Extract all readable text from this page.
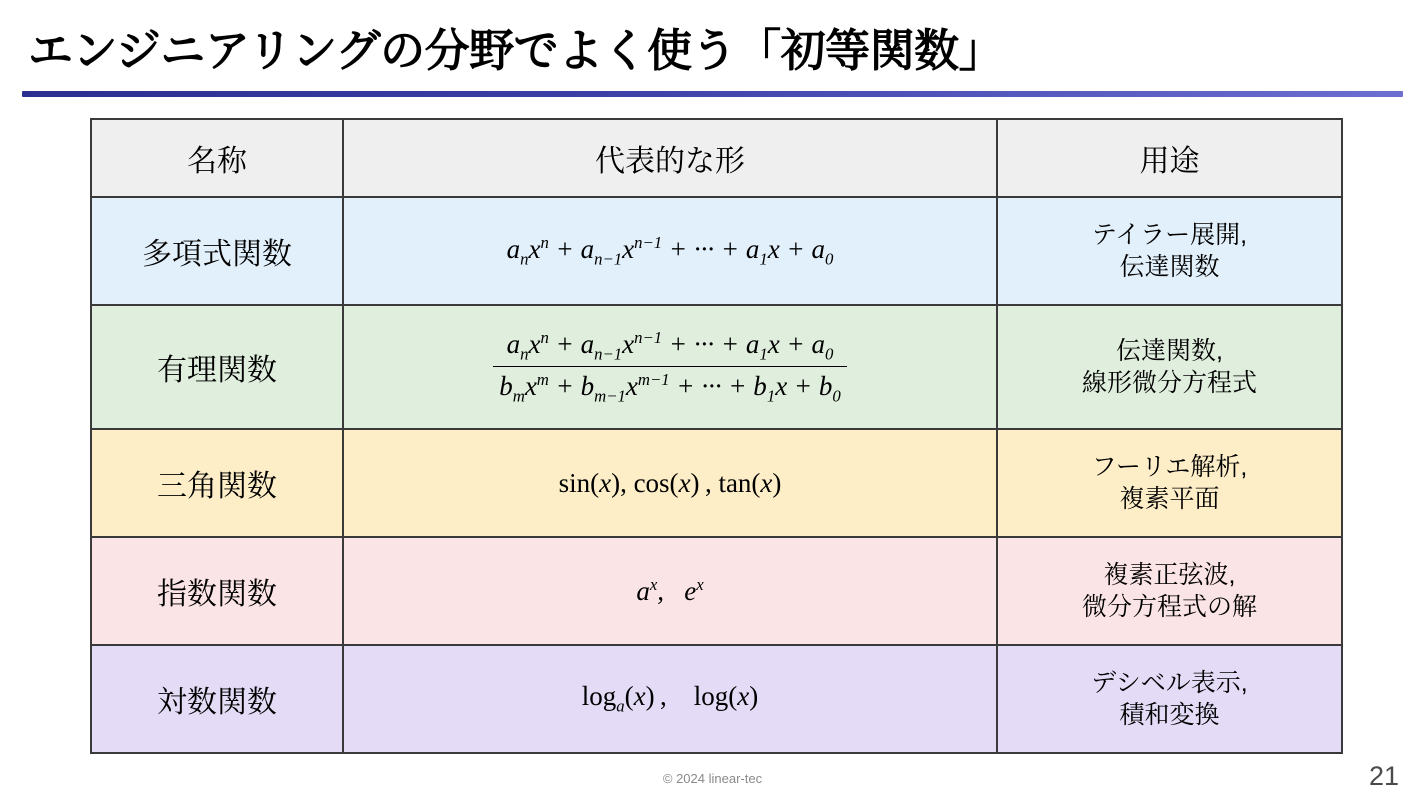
エンジニアリングの分野でよく使う「初等関数」
名称	代表的な形	用途
多項式関数	$a_nx^n + a_{n-1}x^{n-1}$ + ··· + $a_1x + a_0$	テイラー展開,
伝達関数

有理関数	$\frac{a_nx^n + a_{n-1}x^{n-1} + \cdot\cdot\cdot + a_1x + a_0}{b_mx^m + b_{m-1}x^{m-1} + \cdot\cdot\cdot + b_1x + b_0}$	伝達関数,
線形微分方程式

三角関数	sin(x), cos(x) , tan(x)	フーリエ解析,
複素平面

指数関数	$a^x$,   $e^x$	複素正弦波,
微分方程式の解

対数関数	$\log_a(x)$ ,    log(x)	デシベル表示,
積和変換
© 2024 linear-tec	21
